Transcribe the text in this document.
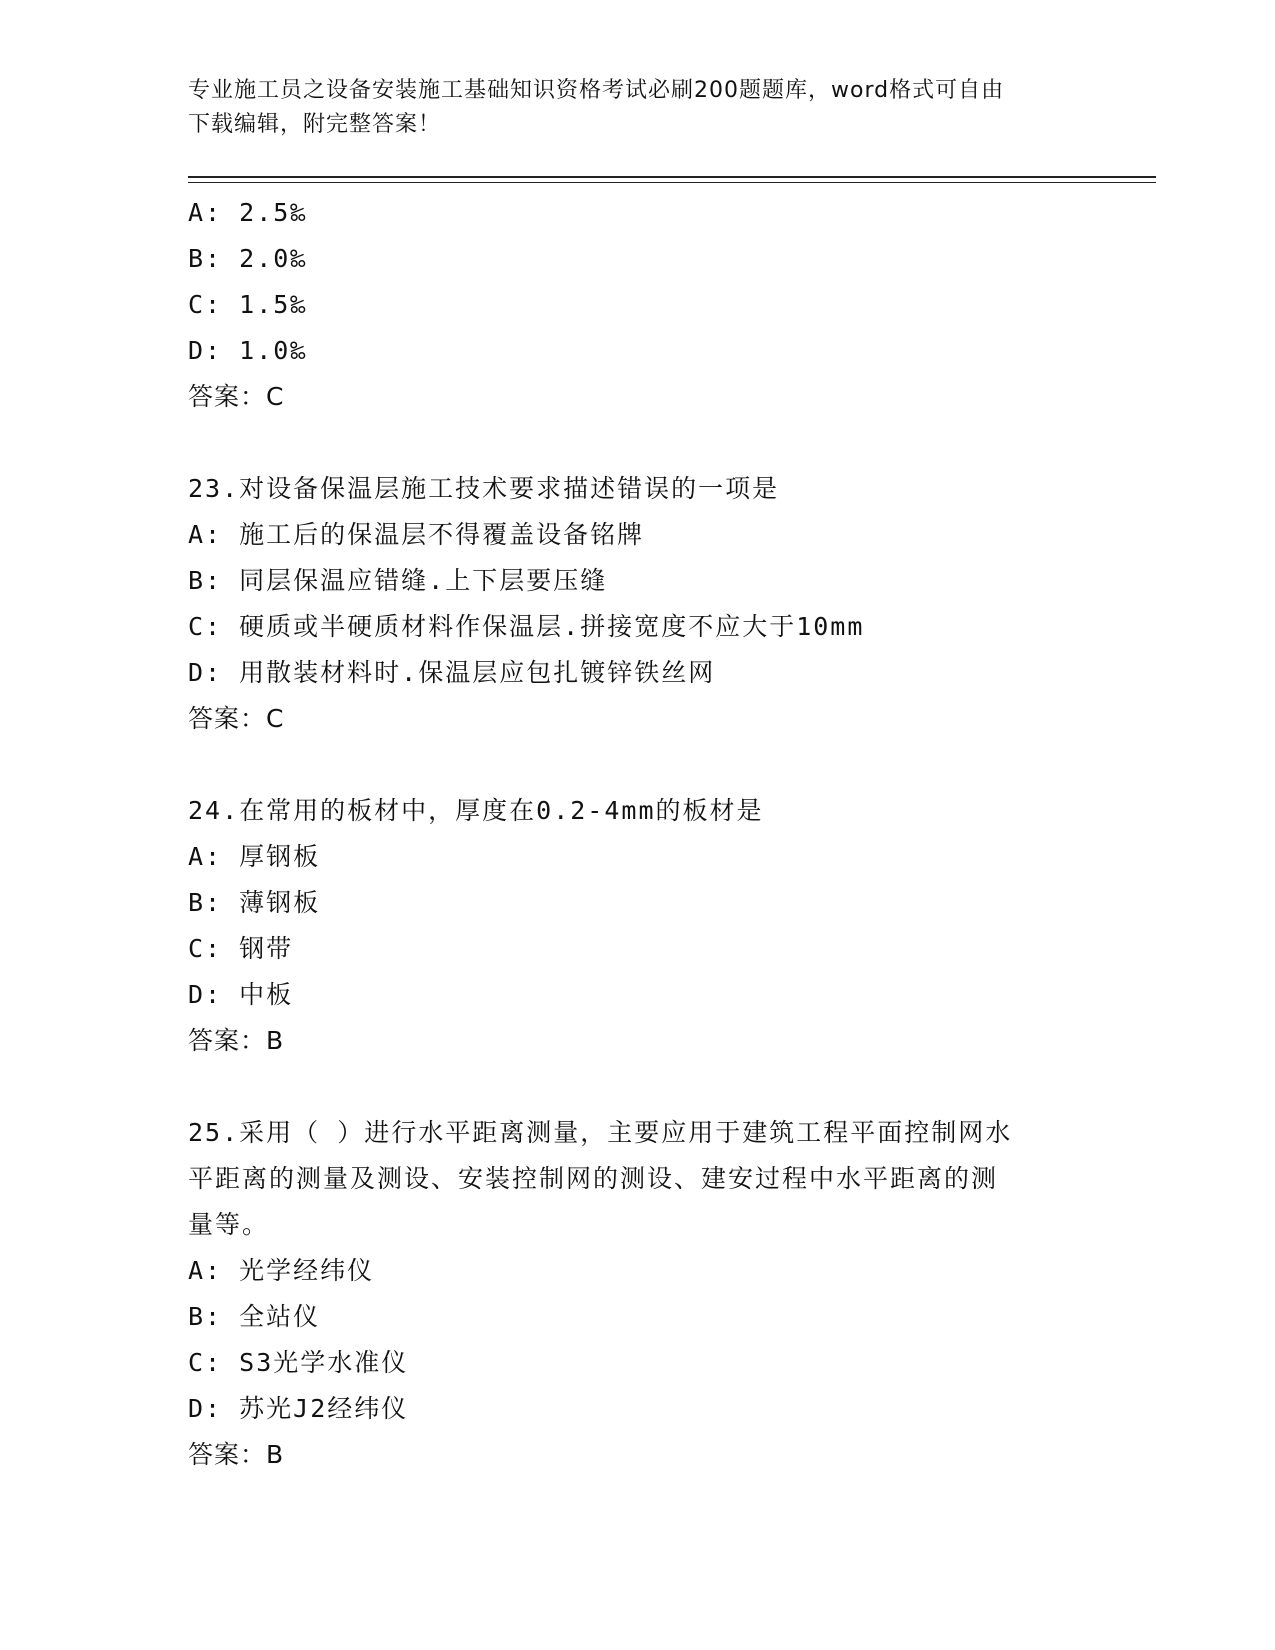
专业施工员之设备安装施工基础知识资格考试必刷200题题库，word格式可自由
下载编辑，附完整答案！
A: 2.5‰
B: 2.0‰
C: 1.5‰
D: 1.0‰
答案：C
23.对设备保温层施工技术要求描述错误的一项是
A: 施工后的保温层不得覆盖设备铭牌
B: 同层保温应错缝.上下层要压缝
C: 硬质或半硬质材料作保温层.拼接宽度不应大于10mm
D: 用散装材料时.保温层应包扎镀锌铁丝网
答案：C
24.在常用的板材中，厚度在0.2-4mm的板材是
A: 厚钢板
B: 薄钢板
C: 钢带
D: 中板
答案：B
25.采用（ ）进行水平距离测量，主要应用于建筑工程平面控制网水
平距离的测量及测设、安装控制网的测设、建安过程中水平距离的测
量等。
A: 光学经纬仪
B: 全站仪
C: S3光学水准仪
D: 苏光J2经纬仪
答案：B
